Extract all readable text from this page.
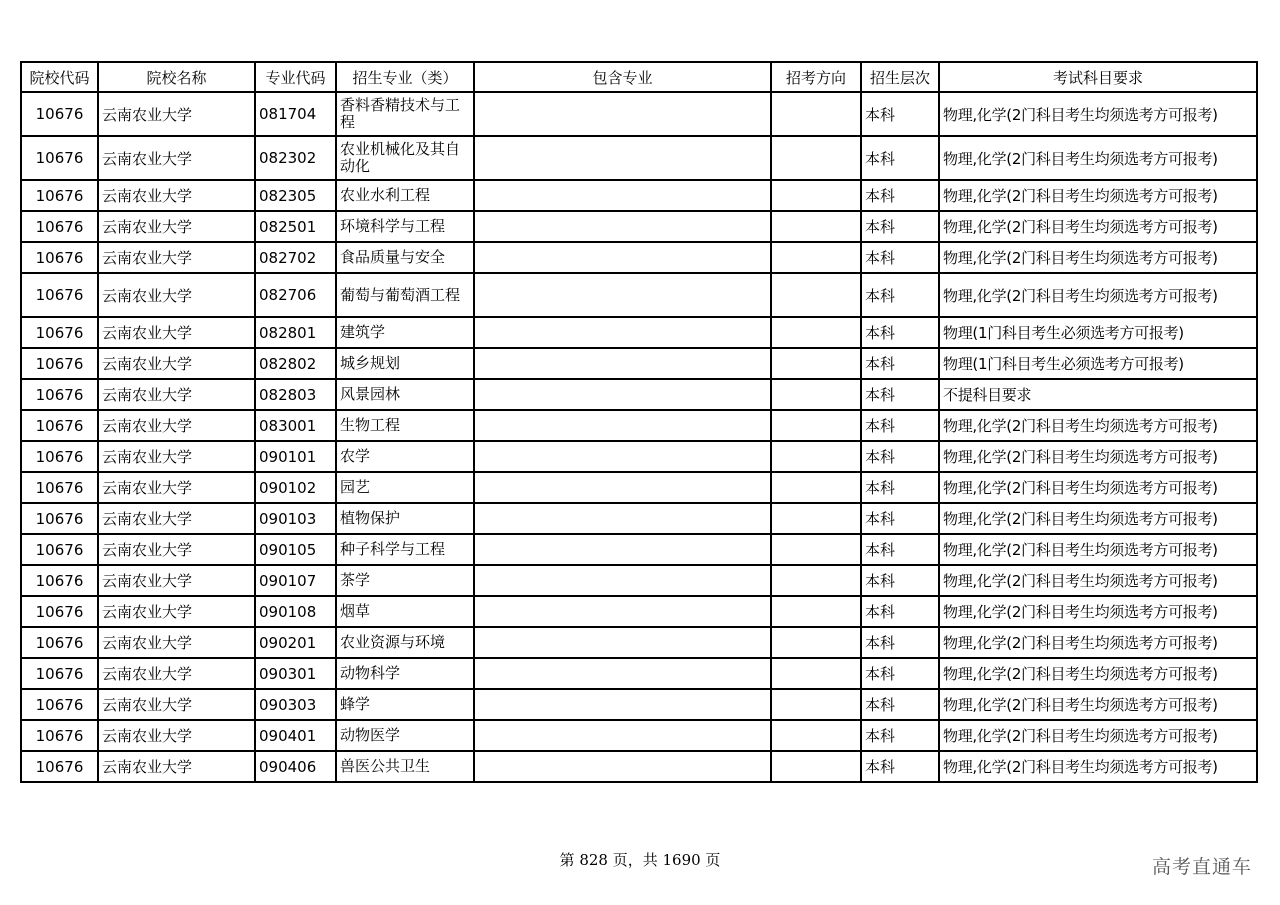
院校代码	院校名称	专业代码	招生专业（类）	包含专业	招考方向	招生层次	考试科目要求
10676	云南农业大学	081704	香料香精技术与工程			本科	物理,化学(2门科目考生均须选考方可报考)
10676	云南农业大学	082302	农业机械化及其自动化			本科	物理,化学(2门科目考生均须选考方可报考)
10676	云南农业大学	082305	农业水利工程			本科	物理,化学(2门科目考生均须选考方可报考)
10676	云南农业大学	082501	环境科学与工程			本科	物理,化学(2门科目考生均须选考方可报考)
10676	云南农业大学	082702	食品质量与安全			本科	物理,化学(2门科目考生均须选考方可报考)
10676	云南农业大学	082706	葡萄与葡萄酒工程			本科	物理,化学(2门科目考生均须选考方可报考)
10676	云南农业大学	082801	建筑学			本科	物理(1门科目考生必须选考方可报考)
10676	云南农业大学	082802	城乡规划			本科	物理(1门科目考生必须选考方可报考)
10676	云南农业大学	082803	风景园林			本科	不提科目要求
10676	云南农业大学	083001	生物工程			本科	物理,化学(2门科目考生均须选考方可报考)
10676	云南农业大学	090101	农学			本科	物理,化学(2门科目考生均须选考方可报考)
10676	云南农业大学	090102	园艺			本科	物理,化学(2门科目考生均须选考方可报考)
10676	云南农业大学	090103	植物保护			本科	物理,化学(2门科目考生均须选考方可报考)
10676	云南农业大学	090105	种子科学与工程			本科	物理,化学(2门科目考生均须选考方可报考)
10676	云南农业大学	090107	茶学			本科	物理,化学(2门科目考生均须选考方可报考)
10676	云南农业大学	090108	烟草			本科	物理,化学(2门科目考生均须选考方可报考)
10676	云南农业大学	090201	农业资源与环境			本科	物理,化学(2门科目考生均须选考方可报考)
10676	云南农业大学	090301	动物科学			本科	物理,化学(2门科目考生均须选考方可报考)
10676	云南农业大学	090303	蜂学			本科	物理,化学(2门科目考生均须选考方可报考)
10676	云南农业大学	090401	动物医学			本科	物理,化学(2门科目考生均须选考方可报考)
10676	云南农业大学	090406	兽医公共卫生			本科	物理,化学(2门科目考生均须选考方可报考)
第 828 页，共 1690 页	高考直通车
